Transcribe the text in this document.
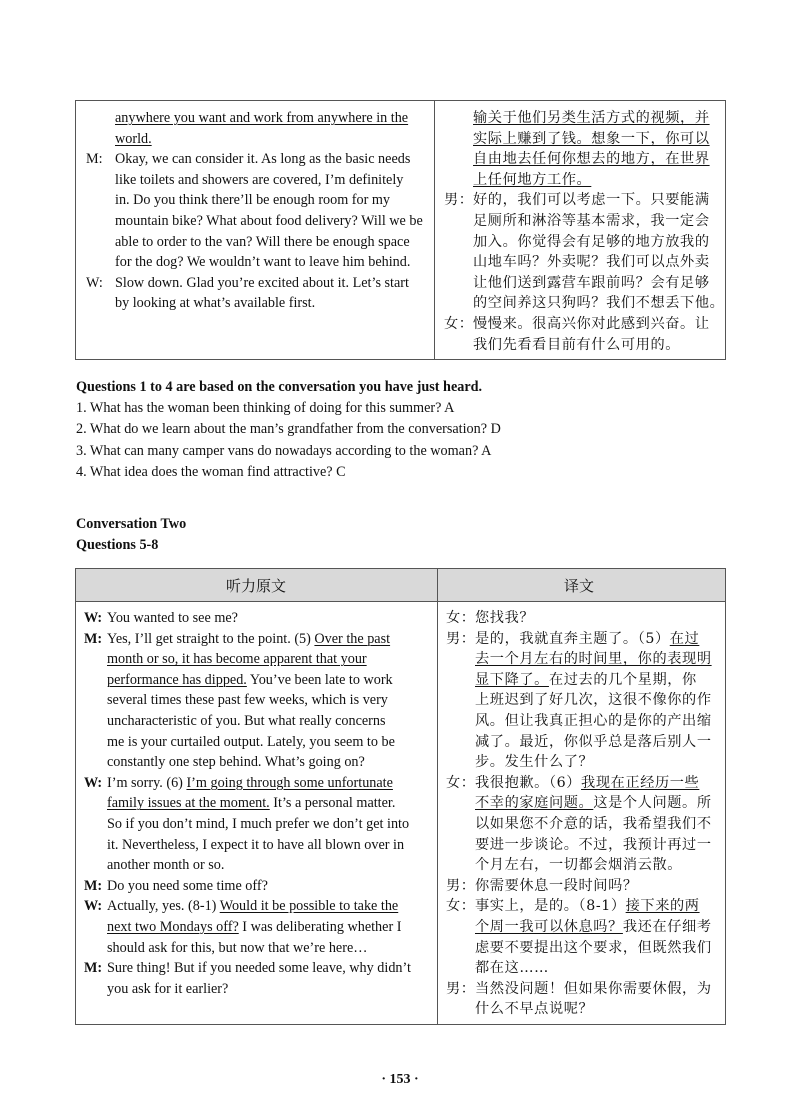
anywhere you want and work from anywhere in the
world.
M: Okay, we can consider it. As long as the basic needs
like toilets and showers are covered, I’m definitely
in. Do you think there’ll be enough room for my
mountain bike? What about food delivery? Will we be
able to order to the van? Will there be enough space
for the dog? We wouldn’t want to leave him behind.
W: Slow down. Glad you’re excited about it. Let’s start
by looking at what’s available first.
输关于他们另类生活方式的视频，并
实际上赚到了钱。想象一下，你可以
自由地去任何你想去的地方，在世界
上任何地方工作。
男：好的，我们可以考虑一下。只要能满
足厕所和淋浴等基本需求，我一定会
加入。你觉得会有足够的地方放我的
山地车吗？外卖呢？我们可以点外卖
让他们送到露营车跟前吗？会有足够
的空间养这只狗吗？我们不想丢下他。
女：慢慢来。很高兴你对此感到兴奋。让
我们先看看目前有什么可用的。
Questions 1 to 4 are based on the conversation you have just heard.
1. What has the woman been thinking of doing for this summer? A
2. What do we learn about the man’s grandfather from the conversation? D
3. What can many camper vans do nowadays according to the woman? A
4. What idea does the woman find attractive? C
Conversation Two
Questions 5-8
听力原文	译文
W: You wanted to see me?
M: Yes, I’ll get straight to the point. (5) Over the past
month or so, it has become apparent that your
performance has dipped. You’ve been late to work
several times these past few weeks, which is very
uncharacteristic of you. But what really concerns
me is your curtailed output. Lately, you seem to be
constantly one step behind. What’s going on?
W: I’m sorry. (6) I’m going through some unfortunate
family issues at the moment. It’s a personal matter.
So if you don’t mind, I much prefer we don’t get into
it. Nevertheless, I expect it to have all blown over in
another month or so.
M: Do you need some time off?
W: Actually, yes. (8-1) Would it be possible to take the
next two Mondays off? I was deliberating whether I
should ask for this, but now that we’re here…
M: Sure thing! But if you needed some leave, why didn’t
you ask for it earlier?
女：您找我？
男：是的，我就直奔主题了。（5）在过
去一个月左右的时间里，你的表现明
显下降了。在过去的几个星期，你
上班迟到了好几次，这很不像你的作
风。但让我真正担心的是你的产出缩
减了。最近，你似乎总是落后别人一
步。发生什么了？
女：我很抱歉。（6）我现在正经历一些
不幸的家庭问题。这是个人问题。所
以如果您不介意的话，我希望我们不
要进一步谈论。不过，我预计再过一
个月左右，一切都会烟消云散。
男：你需要休息一段时间吗？
女：事实上，是的。（8-1）接下来的两
个周一我可以休息吗？我还在仔细考
虑要不要提出这个要求，但既然我们
都在这……
男：当然没问题！但如果你需要休假，为
什么不早点说呢？
· 153 ·
